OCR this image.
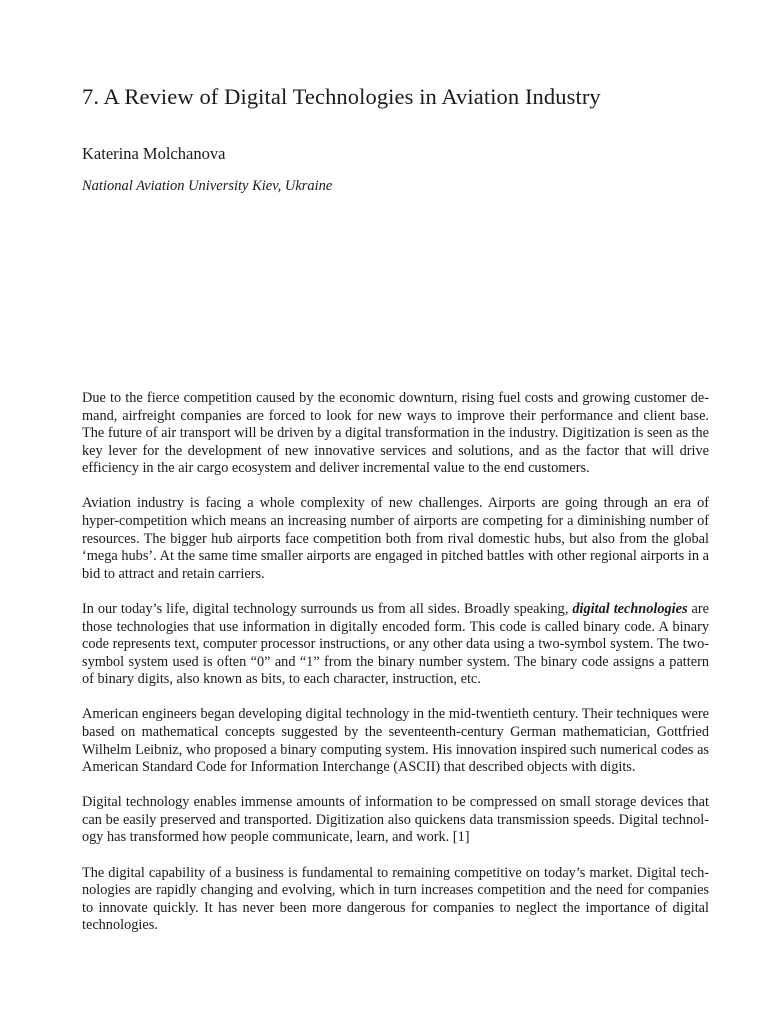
7. A Review of Digital Technologies in Aviation Industry
Katerina Molchanova
National Aviation University Kiev, Ukraine

Due to the fierce competition caused by the economic downturn, rising fuel costs and growing customer demand, airfreight companies are forced to look for new ways to improve their performance and client base. The future of air transport will be driven by a digital transformation in the industry. Digitization is seen as the key lever for the development of new innovative services and solutions, and as the factor that will drive efficiency in the air cargo ecosystem and deliver incremental value to the end customers.

Aviation industry is facing a whole complexity of new challenges. Airports are going through an era of hyper-competition which means an increasing number of airports are competing for a diminishing number of resources. The bigger hub airports face competition both from rival domestic hubs, but also from the global ‘mega hubs’. At the same time smaller airports are engaged in pitched battles with other regional airports in a bid to attract and retain carriers.

In our today’s life, digital technology surrounds us from all sides. Broadly speaking, digital technologies are those technologies that use information in digitally encoded form. This code is called binary code. A binary code represents text, computer processor instructions, or any other data using a two-symbol system. The two-symbol system used is often “0” and “1” from the binary number system. The binary code assigns a pattern of binary digits, also known as bits, to each character, instruction, etc.

American engineers began developing digital technology in the mid-twentieth century. Their techniques were based on mathematical concepts suggested by the seventeenth-century German mathematician, Gottfried Wilhelm Leibniz, who proposed a binary computing system. His innovation inspired such numerical codes as American Standard Code for Information Interchange (ASCII) that described objects with digits.

Digital technology enables immense amounts of information to be compressed on small storage devices that can be easily preserved and transported. Digitization also quickens data transmission speeds. Digital technology has transformed how people communicate, learn, and work. [1]

The digital capability of a business is fundamental to remaining competitive on today’s market. Digital technologies are rapidly changing and evolving, which in turn increases competition and the need for companies to innovate quickly. It has never been more dangerous for companies to neglect the importance of digital technologies.
